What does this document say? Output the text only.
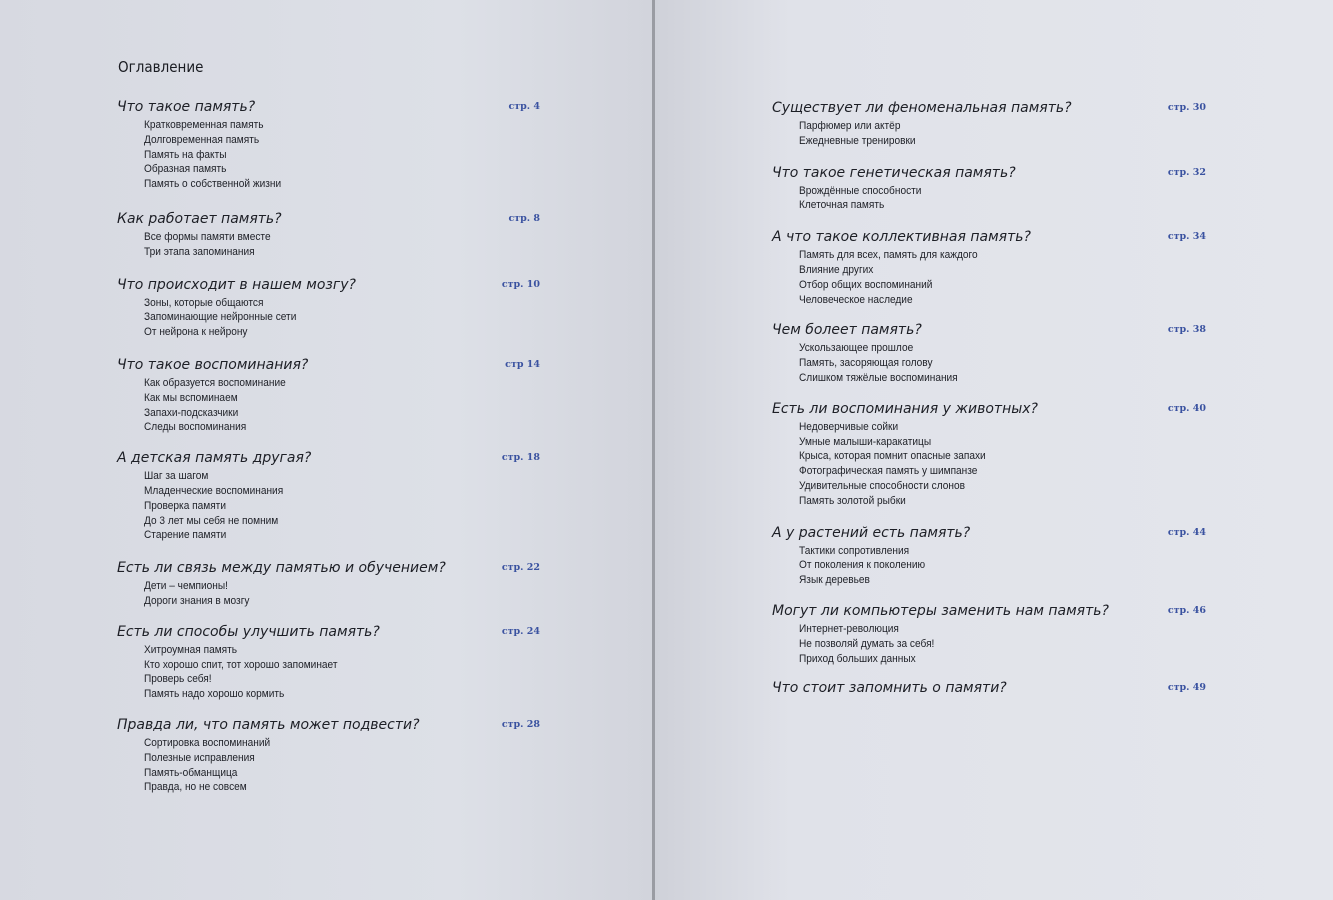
Оглавление
Что такое память?	стр. 4
Кратковременная память
Долговременная память
Память на факты
Образная память
Память о собственной жизни
Как работает память?	стр. 8
Все формы памяти вместе
Три этапа запоминания
Что происходит в нашем мозгу?	стр. 10
Зоны, которые общаются
Запоминающие нейронные сети
От нейрона к нейрону
Что такое воспоминания?	стр 14
Как образуется воспоминание
Как мы вспоминаем
Запахи-подсказчики
Следы воспоминания
А детская память другая?	стр. 18
Шаг за шагом
Младенческие воспоминания
Проверка памяти
До 3 лет мы себя не помним
Старение памяти
Есть ли связь между памятью и обучением?	стр. 22
Дети – чемпионы!
Дороги знания в мозгу
Есть ли способы улучшить память?	стр. 24
Хитроумная память
Кто хорошо спит, тот хорошо запоминает
Проверь себя!
Память надо хорошо кормить
Правда ли, что память может подвести?	стр. 28
Сортировка воспоминаний
Полезные исправления
Память-обманщица
Правда, но не совсем
Существует ли феноменальная память?	стр. 30
Парфюмер или актёр
Ежедневные тренировки
Что такое генетическая память?	стр. 32
Врождённые способности
Клеточная память
А что такое коллективная память?	стр. 34
Память для всех, память для каждого
Влияние других
Отбор общих воспоминаний
Человеческое наследие
Чем болеет память?	стр. 38
Ускользающее прошлое
Память, засоряющая голову
Слишком тяжёлые воспоминания
Есть ли воспоминания у животных?	стр. 40
Недоверчивые сойки
Умные малыши-каракатицы
Крыса, которая помнит опасные запахи
Фотографическая память у шимпанзе
Удивительные способности слонов
Память золотой рыбки
А у растений есть память?	стр. 44
Тактики сопротивления
От поколения к поколению
Язык деревьев
Могут ли компьютеры заменить нам память?	стр. 46
Интернет-революция
Не позволяй думать за себя!
Приход больших данных
Что стоит запомнить о памяти?	стр. 49
